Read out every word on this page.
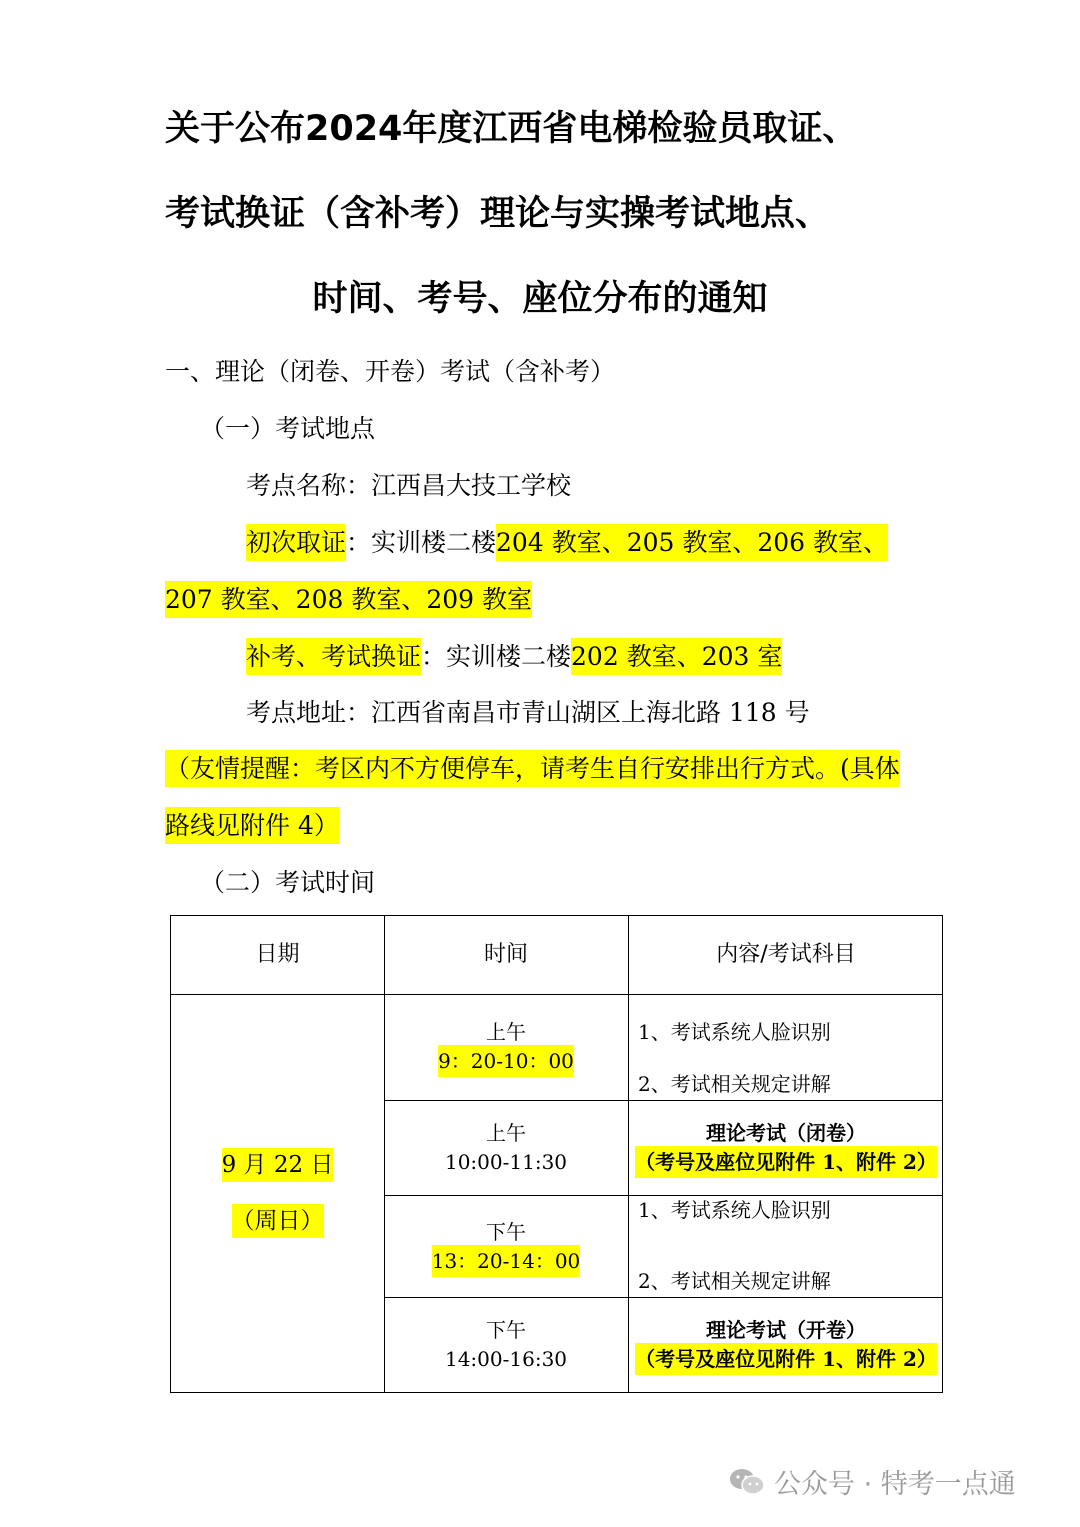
关于公布2024年度江西省电梯检验员取证、
考试换证（含补考）理论与实操考试地点、
时间、考号、座位分布的通知
一、理论（闭卷、开卷）考试（含补考）
（一）考试地点
考点名称：江西昌大技工学校
初次取证：实训楼二楼204 教室、205 教室、206 教室、
207 教室、208 教室、209 教室
补考、考试换证：实训楼二楼202 教室、203 室
考点地址：江西省南昌市青山湖区上海北路 118 号
（友情提醒：考区内不方便停车，请考生自行安排出行方式。(具体
路线见附件 4）
（二）考试时间
日期	时间	内容/考试科目
9 月 22 日
（周日）
上午
9：20-10：00
1、考试系统人脸识别
2、考试相关规定讲解
上午
10:00-11:30
理论考试（闭卷）
（考号及座位见附件 1、附件 2）
下午
13：20-14：00
1、考试系统人脸识别
2、考试相关规定讲解
下午
14:00-16:30
理论考试（开卷）
（考号及座位见附件 1、附件 2）
公众号 · 特考一点通
